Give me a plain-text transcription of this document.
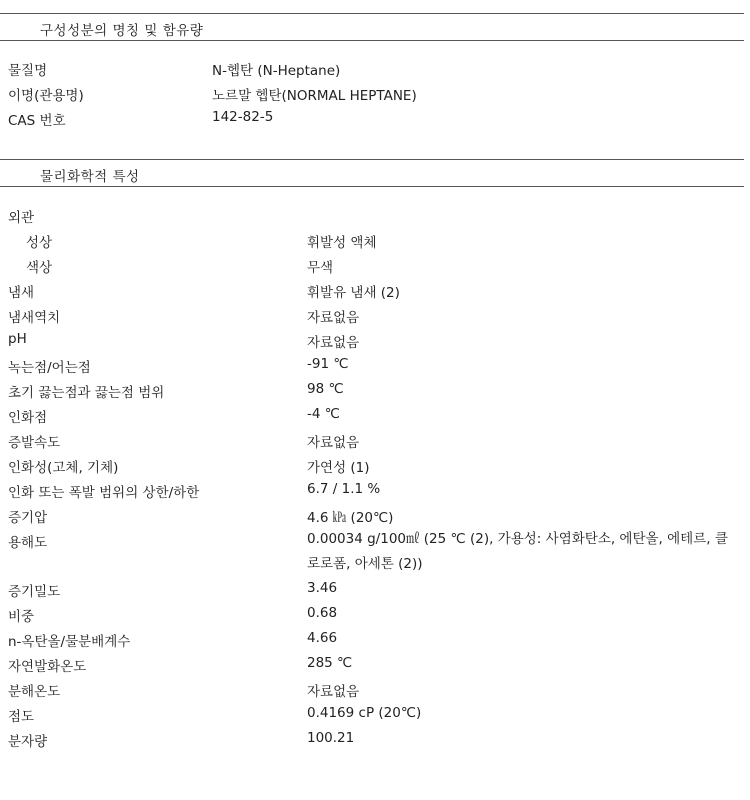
구성성분의 명칭 및 함유량
물질명	N-헵탄 (N-Heptane)
이명(관용명)	노르말 헵탄(NORMAL HEPTANE)
CAS 번호	142-82-5
물리화학적 특성
외관
성상	휘발성 액체
색상	무색
냄새	휘발유 냄새 (2)
냄새역치	자료없음
pH	자료없음
녹는점/어는점	-91 ℃
초기 끓는점과 끓는점 범위	98 ℃
인화점	-4 ℃
증발속도	자료없음
인화성(고체, 기체)	가연성 (1)
인화 또는 폭발 범위의 상한/하한	6.7 / 1.1 %
증기압	4.6 ㎪ (20℃)
용해도	0.00034 g/100㎖ (25 ℃ (2), 가용성: 사염화탄소, 에탄올, 에테르, 클로로폼, 아세톤 (2))
증기밀도	3.46
비중	0.68
n-옥탄올/물분배계수	4.66
자연발화온도	285 ℃
분해온도	자료없음
점도	0.4169 cP (20℃)
분자량	100.21
